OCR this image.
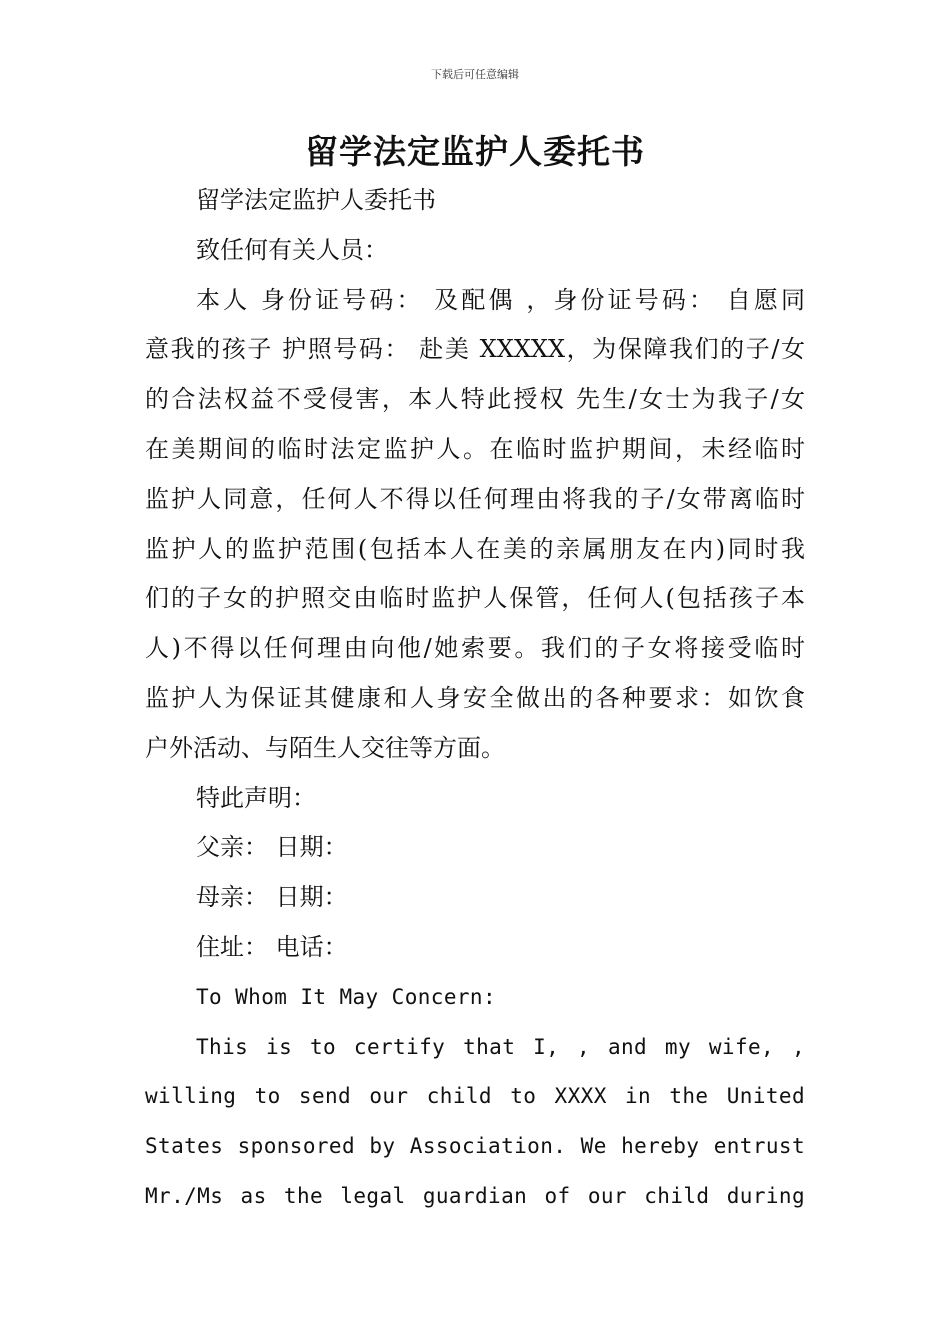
下载后可任意编辑
留学法定监护人委托书
留学法定监护人委托书
致任何有关人员：
本人 身份证号码： 及配偶 ，身份证号码： 自愿同
意我的孩子 护照号码： 赴美 XXXXX，为保障我们的子/女
的合法权益不受侵害，本人特此授权 先生/女士为我子/女
在美期间的临时法定监护人。在临时监护期间，未经临时
监护人同意，任何人不得以任何理由将我的子/女带离临时
监护人的监护范围(包括本人在美的亲属朋友在内)同时我
们的子女的护照交由临时监护人保管，任何人(包括孩子本
人)不得以任何理由向他/她索要。我们的子女将接受临时
监护人为保证其健康和人身安全做出的各种要求：如饮食
户外活动、与陌生人交往等方面。
特此声明：
父亲： 日期：
母亲： 日期：
住址： 电话：
To Whom It May Concern:
This is to certify that I, , and my wife, ,
willing to send our child to XXXX in the United
States sponsored by Association. We hereby entrust
Mr./Ms as the legal guardian of our child during
